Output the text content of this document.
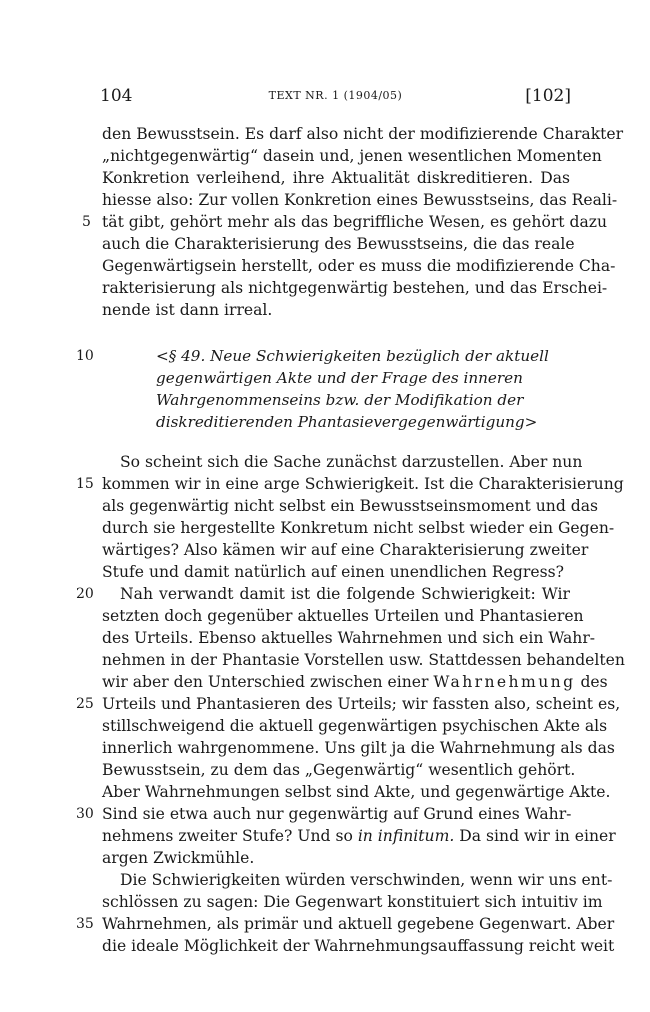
104	TEXT NR. 1 (1904/05)	[102]
den Bewusstsein. Es darf also nicht der modifizierende Charakter
„nichtgegenwärtig“ dasein und, jenen wesentlichen Momenten
Konkretion verleihend, ihre Aktualität diskreditieren. Das
hiesse also: Zur vollen Konkretion eines Bewusstseins, das Reali-
tät gibt, gehört mehr als das begriffliche Wesen, es gehört dazu
auch die Charakterisierung des Bewusstseins, die das reale
Gegenwärtigsein herstellt, oder es muss die modifizierende Cha-
rakterisierung als nichtgegenwärtig bestehen, und das Erschei-
nende ist dann irreal.
<§ 49. Neue Schwierigkeiten bezüglich der aktuell
gegenwärtigen Akte und der Frage des inneren
Wahrgenommenseins bzw. der Modifikation der
diskreditierenden Phantasievergegenwärtigung>
So scheint sich die Sache zunächst darzustellen. Aber nun
kommen wir in eine arge Schwierigkeit. Ist die Charakterisierung
als gegenwärtig nicht selbst ein Bewusstseinsmoment und das
durch sie hergestellte Konkretum nicht selbst wieder ein Gegen-
wärtiges? Also kämen wir auf eine Charakterisierung zweiter
Stufe und damit natürlich auf einen unendlichen Regress?
Nah verwandt damit ist die folgende Schwierigkeit: Wir
setzten doch gegenüber aktuelles Urteilen und Phantasieren
des Urteils. Ebenso aktuelles Wahrnehmen und sich ein Wahr-
nehmen in der Phantasie Vorstellen usw. Stattdessen behandelten
wir aber den Unterschied zwischen einer Wahrnehmung des
Urteils und Phantasieren des Urteils; wir fassten also, scheint es,
stillschweigend die aktuell gegenwärtigen psychischen Akte als
innerlich wahrgenommene. Uns gilt ja die Wahrnehmung als das
Bewusstsein, zu dem das „Gegenwärtig“ wesentlich gehört.
Aber Wahrnehmungen selbst sind Akte, und gegenwärtige Akte.
Sind sie etwa auch nur gegenwärtig auf Grund eines Wahr-
nehmens zweiter Stufe? Und so in infinitum. Da sind wir in einer
argen Zwickmühle.
Die Schwierigkeiten würden verschwinden, wenn wir uns ent-
schlössen zu sagen: Die Gegenwart konstituiert sich intuitiv im
Wahrnehmen, als primär und aktuell gegebene Gegenwart. Aber
die ideale Möglichkeit der Wahrnehmungsauffassung reicht weit
5
10
15
20
25
30
35
